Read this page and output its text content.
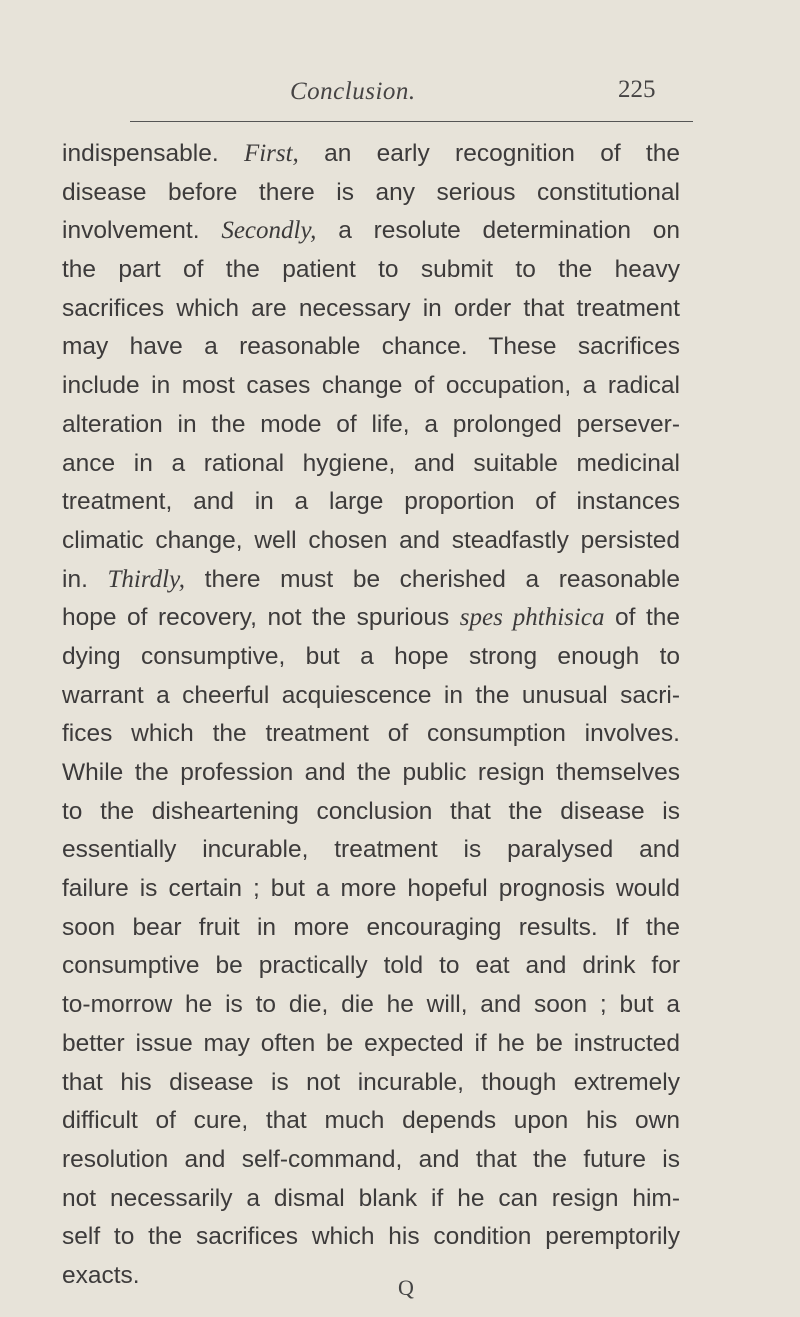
Conclusion.	225
indispensable. First, an early recognition of the
disease before there is any serious constitutional
involvement. Secondly, a resolute determination on
the part of the patient to submit to the heavy
sacrifices which are necessary in order that treatment
may have a reasonable chance. These sacrifices
include in most cases change of occupation, a radical
alteration in the mode of life, a prolonged persever-
ance in a rational hygiene, and suitable medicinal
treatment, and in a large proportion of instances
climatic change, well chosen and steadfastly persisted
in. Thirdly, there must be cherished a reasonable
hope of recovery, not the spurious spes phthisica of the
dying consumptive, but a hope strong enough to
warrant a cheerful acquiescence in the unusual sacri-
fices which the treatment of consumption involves.
While the profession and the public resign themselves
to the disheartening conclusion that the disease is
essentially incurable, treatment is paralysed and
failure is certain ; but a more hopeful prognosis would
soon bear fruit in more encouraging results. If the
consumptive be practically told to eat and drink for
to-morrow he is to die, die he will, and soon ; but a
better issue may often be expected if he be instructed
that his disease is not incurable, though extremely
difficult of cure, that much depends upon his own
resolution and self-command, and that the future is
not necessarily a dismal blank if he can resign him-
self to the sacrifices which his condition peremptorily
exacts.	Q
